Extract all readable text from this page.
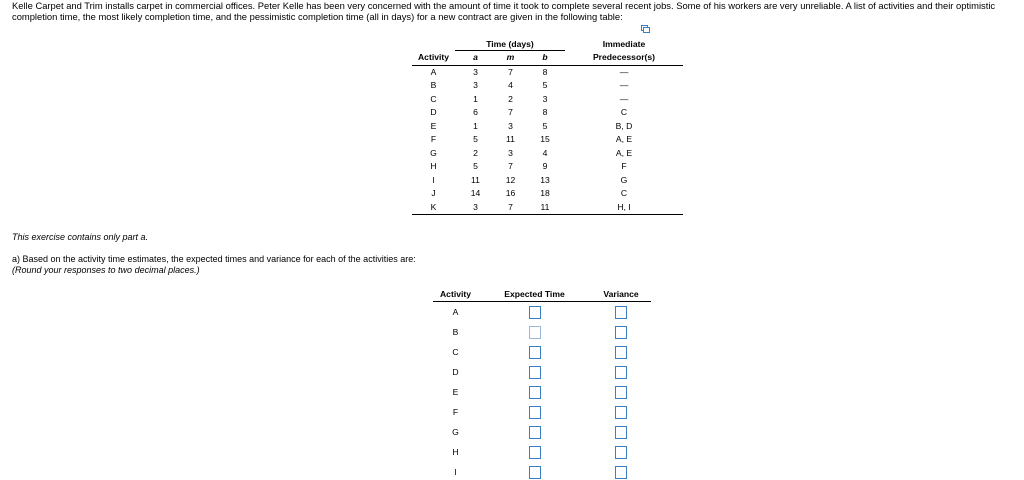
Kelle Carpet and Trim installs carpet in commercial offices. Peter Kelle has been very concerned with the amount of time it took to complete several recent jobs. Some of his workers are very unreliable. A list of activities and their optimistic completion time, the most likely completion time, and the pessimistic completion time (all in days) for a new contract are given in the following table:

	Time (days)			Immediate
Activity	a	m	b	Predecessor(s)
A	3	7	8	—
B	3	4	5	—
C	1	2	3	—
D	6	7	8	C
E	1	3	5	B, D
F	5	11	15	A, E
G	2	3	4	A, E
H	5	7	9	F
I	11	12	13	G
J	14	16	18	C
K	3	7	11	H, I

This exercise contains only part a.

a) Based on the activity time estimates, the expected times and variance for each of the activities are:
(Round your responses to two decimal places.)

Activity	Expected Time	Variance
A		
B		
C		
D		
E		
F		
G		
H		
I		
